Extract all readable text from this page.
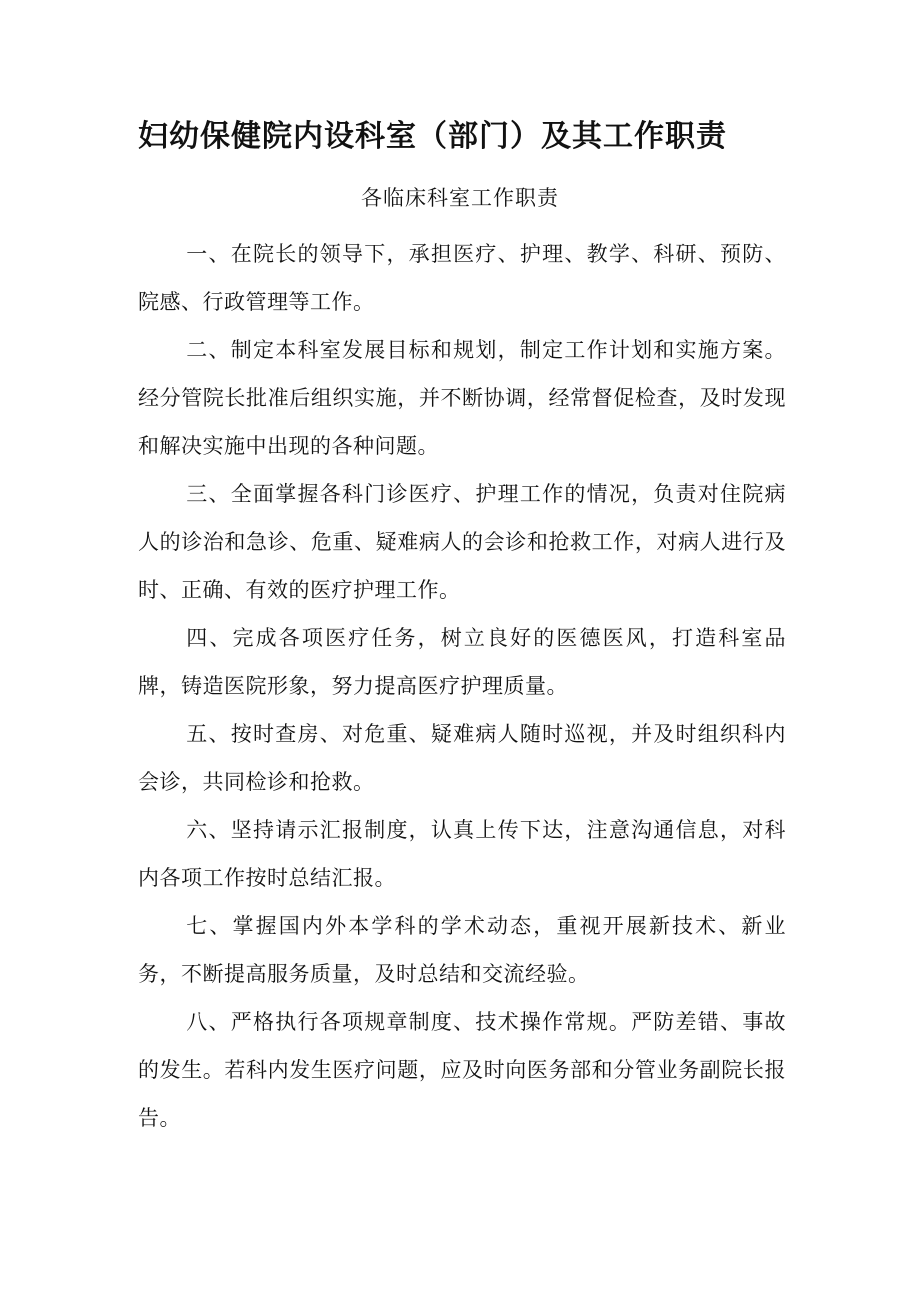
妇幼保健院内设科室（部门）及其工作职责
各临床科室工作职责

一、在院长的领导下，承担医疗、护理、教学、科研、预防、院感、行政管理等工作。

二、制定本科室发展目标和规划，制定工作计划和实施方案。经分管院长批准后组织实施，并不断协调，经常督促检查，及时发现和解决实施中出现的各种问题。

三、全面掌握各科门诊医疗、护理工作的情况，负责对住院病人的诊治和急诊、危重、疑难病人的会诊和抢救工作，对病人进行及时、正确、有效的医疗护理工作。

四、完成各项医疗任务，树立良好的医德医风，打造科室品牌，铸造医院形象，努力提高医疗护理质量。

五、按时查房、对危重、疑难病人随时巡视，并及时组织科内会诊，共同检诊和抢救。

六、坚持请示汇报制度，认真上传下达，注意沟通信息，对科内各项工作按时总结汇报。

七、掌握国内外本学科的学术动态，重视开展新技术、新业务，不断提高服务质量，及时总结和交流经验。

八、严格执行各项规章制度、技术操作常规。严防差错、事故的发生。若科内发生医疗问题，应及时向医务部和分管业务副院长报告。
